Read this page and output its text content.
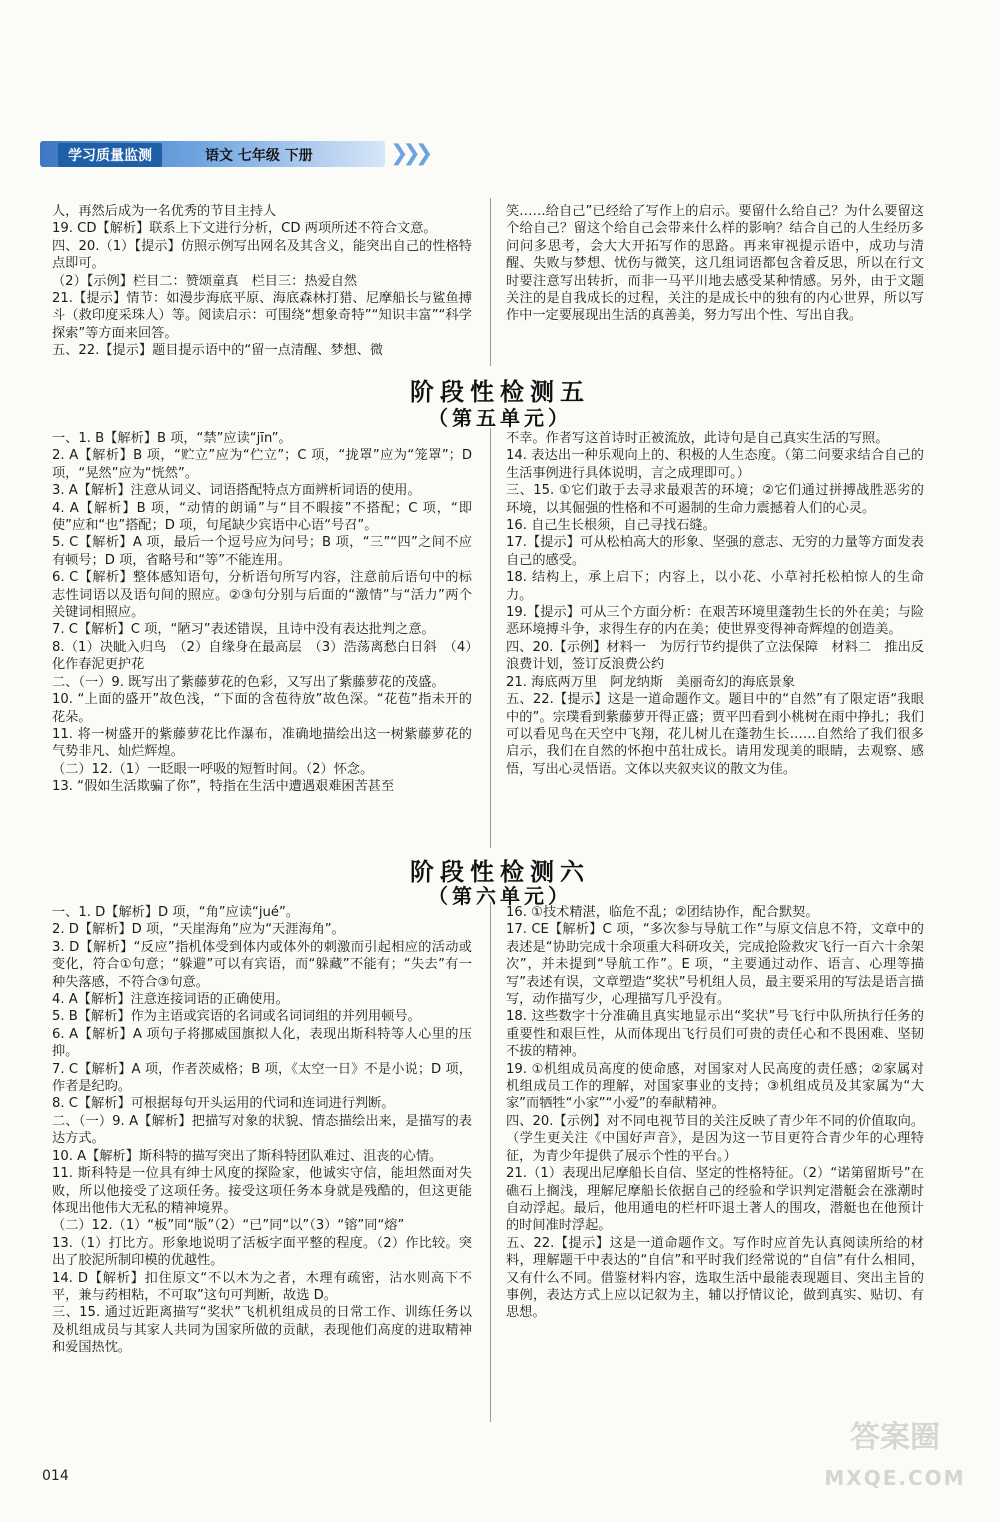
学习质量监测	语文 七年级 下册	❯❯❯

人，再然后成为一名优秀的节目主持人

19. CD【解析】联系上下文进行分析，CD 两项所述不符合文意。

四、20.（1）【提示】仿照示例写出网名及其含义，能突出自己的性格特点即可。

（2）【示例】栏目二：赞颂童真　栏目三：热爱自然

21.【提示】情节：如漫步海底平原、海底森林打猎、尼摩船长与鲨鱼搏斗（救印度采珠人）等。阅读启示：可围绕“想象奇特”“知识丰富”“科学探索”等方面来回答。

五、22.【提示】题目提示语中的“留一点清醒、梦想、微

笑……给自己”已经给了写作上的启示。要留什么给自己？为什么要留这个给自己？留这个给自己会带来什么样的影响？结合自己的人生经历多问问多思考，会大大开拓写作的思路。再来审视提示语中，成功与清醒、失败与梦想、忧伤与微笑，这几组词语都包含着反思，所以在行文时要注意写出转折，而非一马平川地去感受某种情感。另外，由于文题关注的是自我成长的过程，关注的是成长中的独有的内心世界，所以写作中一定要展现出生活的真善美，努力写出个性、写出自我。

阶段性检测五
（第五单元）

一、1. B【解析】B 项，“禁”应读“jīn”。

2. A【解析】B 项，“贮立”应为“伫立”；C 项，“拢罩”应为“笼罩”；D 项，“晃然”应为“恍然”。

3. A【解析】注意从词义、词语搭配特点方面辨析词语的使用。

4. A【解析】B 项，“动情的朗诵”与“目不暇接”不搭配；C 项，“即使”应和“也”搭配；D 项，句尾缺少宾语中心语“号召”。

5. C【解析】A 项，最后一个逗号应为问号；B 项，“三”“四”之间不应有顿号；D 项，省略号和“等”不能连用。

6. C【解析】整体感知语句，分析语句所写内容，注意前后语句中的标志性词语以及语句间的照应。②③句分别与后面的“激情”与“活力”两个关键词相照应。

7. C【解析】C 项，“陋习”表述错误，且诗中没有表达批判之意。

8.（1）决眦入归鸟　（2）自缘身在最高层　（3）浩荡离愁白日斜　（4）化作春泥更护花

二、（一）9. 既写出了紫藤萝花的色彩，又写出了紫藤萝花的茂盛。

10. “上面的盛开”故色浅，“下面的含苞待放”故色深。“花苞”指未开的花朵。

11. 将一树盛开的紫藤萝花比作瀑布，准确地描绘出这一树紫藤萝花的气势非凡、灿烂辉煌。

（二）12.（1）一眨眼一呼吸的短暂时间。（2）怀念。

13. “假如生活欺骗了你”，特指在生活中遭遇艰难困苦甚至

不幸。作者写这首诗时正被流放，此诗句是自己真实生活的写照。

14. 表达出一种乐观向上的、积极的人生态度。（第二问要求结合自己的生活事例进行具体说明，言之成理即可。）

三、15. ①它们敢于去寻求最艰苦的环境；②它们通过拼搏战胜恶劣的环境，以其倔强的性格和不可遏制的生命力震撼着人们的心灵。

16. 自己生长根须，自己寻找石缝。

17.【提示】可从松柏高大的形象、坚强的意志、无穷的力量等方面发表自己的感受。

18. 结构上，承上启下；内容上，以小花、小草衬托松柏惊人的生命力。

19.【提示】可从三个方面分析：在艰苦环境里蓬勃生长的外在美；与险恶环境搏斗争，求得生存的内在美；使世界变得神奇辉煌的创造美。

四、20.【示例】材料一　为厉行节约提供了立法保障　材料二　推出反浪费计划，签订反浪费公约

21. 海底两万里　阿龙纳斯　美丽奇幻的海底景象

五、22.【提示】这是一道命题作文。题目中的“自然”有了限定语“我眼中的”。宗璞看到紫藤萝开得正盛；贾平凹看到小桃树在雨中挣扎；我们可以看见鸟在天空中飞翔，花儿树儿在蓬勃生长……自然给了我们很多启示，我们在自然的怀抱中茁壮成长。请用发现美的眼睛，去观察、感悟，写出心灵悟语。文体以夹叙夹议的散文为佳。

阶段性检测六
（第六单元）

一、1. D【解析】D 项，“角”应读“jué”。

2. D【解析】D 项，“天崖海角”应为“天涯海角”。

3. D【解析】“反应”指机体受到体内或体外的刺激而引起相应的活动或变化，符合①句意；“躲避”可以有宾语，而“躲藏”不能有；“失去”有一种失落感，不符合③句意。

4. A【解析】注意连接词语的正确使用。

5. B【解析】作为主语或宾语的名词或名词词组的并列用顿号。

6. A【解析】A 项句子将挪威国旗拟人化，表现出斯科特等人心里的压抑。

7. C【解析】A 项，作者茨威格；B 项，《太空一日》不是小说；D 项，作者是纪昀。

8. C【解析】可根据每句开头运用的代词和连词进行判断。

二、（一）9. A【解析】把描写对象的状貌、情态描绘出来，是描写的表达方式。

10. A【解析】斯科特的描写突出了斯科特团队难过、沮丧的心情。

11. 斯科特是一位具有绅士风度的探险家，他诚实守信，能坦然面对失败，所以他接受了这项任务。接受这项任务本身就是残酷的，但这更能体现出他伟大无私的精神境界。

（二）12.（1）“板”同“版”（2）“已”同“以”（3）“镕”同“熔”

13.（1）打比方。形象地说明了活板字面平整的程度。（2）作比较。突出了胶泥所制印模的优越性。

14. D【解析】扣住原文“不以木为之者，木理有疏密，沾水则高下不平，兼与药相粘，不可取”这句可判断，故选 D。

三、15. 通过近距离描写“奖状”飞机机组成员的日常工作、训练任务以及机组成员与其家人共同为国家所做的贡献，表现他们高度的进取精神和爱国热忱。

16. ①技术精湛，临危不乱；②团结协作，配合默契。

17. CE【解析】C 项，“多次参与导航工作”与原文信息不符，文章中的表述是“协助完成十余项重大科研攻关，完成抢险救灾飞行一百六十余架次”，并未提到“导航工作”。E 项，“主要通过动作、语言、心理等描写”表述有误，文章塑造“奖状”号机组人员，最主要采用的写法是语言描写，动作描写少，心理描写几乎没有。

18. 这些数字十分准确且真实地显示出“奖状”号飞行中队所执行任务的重要性和艰巨性，从而体现出飞行员们可贵的责任心和不畏困难、坚韧不拔的精神。

19. ①机组成员高度的使命感，对国家对人民高度的责任感；②家属对机组成员工作的理解，对国家事业的支持；③机组成员及其家属为“大家”而牺牲“小家”“小爱”的奉献精神。

四、20.【示例】对不同电视节目的关注反映了青少年不同的价值取向。（学生更关注《中国好声音》，是因为这一节目更符合青少年的心理特征，为青少年提供了展示个性的平台。）

21.（1）表现出尼摩船长自信、坚定的性格特征。（2）“诺第留斯号”在礁石上搁浅，理解尼摩船长依据自己的经验和学识判定潜艇会在涨潮时自动浮起。最后，他用通电的栏杆吓退土著人的围攻，潜艇也在他预计的时间准时浮起。

五、22.【提示】这是一道命题作文。写作时应首先认真阅读所给的材料，理解题干中表达的“自信”和平时我们经常说的“自信”有什么相同，又有什么不同。借鉴材料内容，选取生活中最能表现题目、突出主旨的事例，表达方式上应以记叙为主，辅以抒情议论，做到真实、贴切、有思想。

014
答案圈
MXQE.COM
